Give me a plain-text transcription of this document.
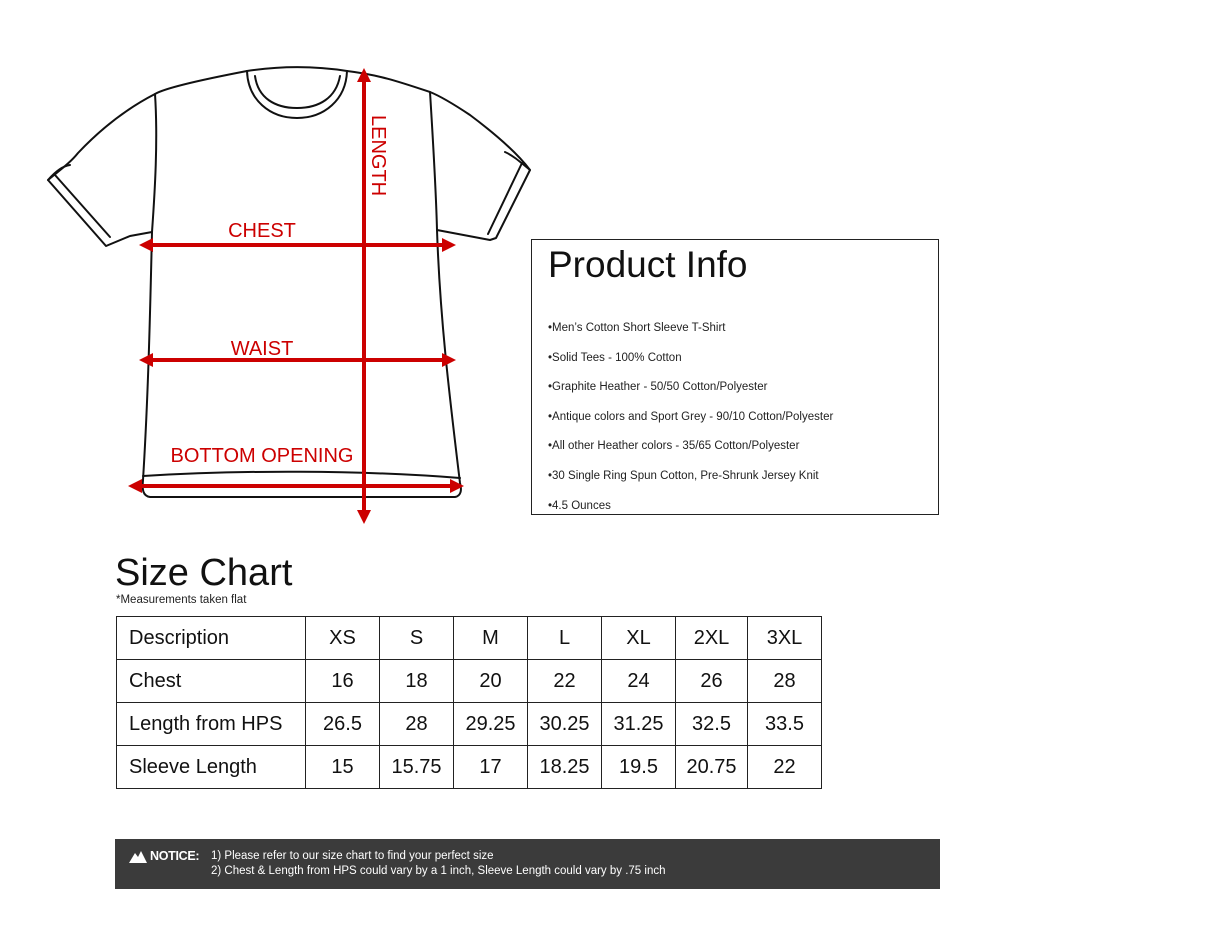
LENGTH
CHEST
WAIST
BOTTOM OPENING
Product Info
• Men’s Cotton Short Sleeve T-Shirt
• Solid Tees - 100% Cotton
• Graphite Heather - 50/50 Cotton/Polyester
• Antique colors and Sport Grey - 90/10 Cotton/Polyester
• All other Heather colors - 35/65 Cotton/Polyester
• 30 Single Ring Spun Cotton, Pre-Shrunk Jersey Knit
• 4.5 Ounces
Size Chart
*Measurements taken flat
Description	XS	S	M	L	XL	2XL	3XL
Chest	16	18	20	22	24	26	28
Length from HPS	26.5	28	29.25	30.25	31.25	32.5	33.5
Sleeve Length	15	15.75	17	18.25	19.5	20.75	22
NOTICE: 1) Please refer to our size chart to find your perfect size
2) Chest & Length from HPS could vary by a 1 inch, Sleeve Length could vary by .75 inch
